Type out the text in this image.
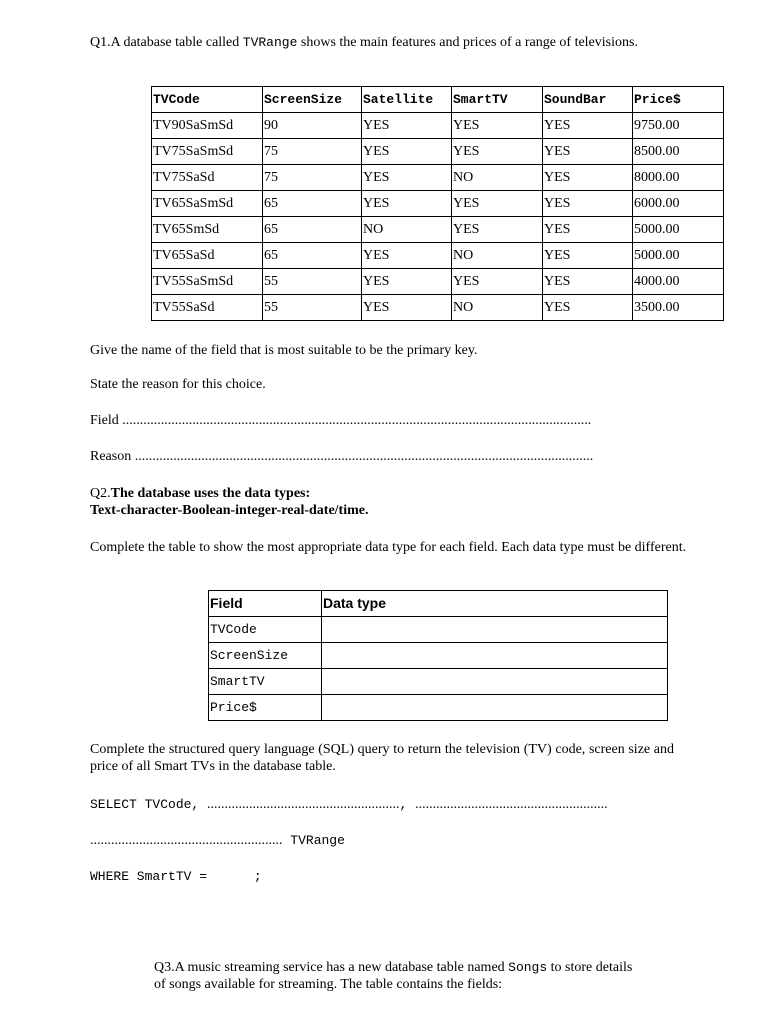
Q1.A database table called TVRange shows the main features and prices of a range of televisions.
TVCode	ScreenSize	Satellite	SmartTV	SoundBar	Price$
TV90SaSmSd	90	YES	YES	YES	9750.00
TV75SaSmSd	75	YES	YES	YES	8500.00
TV75SaSd	75	YES	NO	YES	8000.00
TV65SaSmSd	65	YES	YES	YES	6000.00
TV65SmSd	65	NO	YES	YES	5000.00
TV65SaSd	65	YES	NO	YES	5000.00
TV55SaSmSd	55	YES	YES	YES	4000.00
TV55SaSd	55	YES	NO	YES	3500.00
Give the name of the field that is most suitable to be the primary key.
State the reason for this choice.
Field ......................................................................................................................................
Reason ...................................................................................................................................
Q2.The database uses the data types:
Text-character-Boolean-integer-real-date/time.
Complete the table to show the most appropriate data type for each field. Each data type must be different.
Field	Data type
TVCode	
ScreenSize	
SmartTV	
Price$	
Complete the structured query language (SQL) query to return the television (TV) code, screen size and price of all Smart TVs in the database table.
SELECT TVCode, ......................................................., .......................................................
....................................................... TVRange
WHERE SmartTV =      ;
Q3.A music streaming service has a new database table named Songs to store details of songs available for streaming. The table contains the fields:
